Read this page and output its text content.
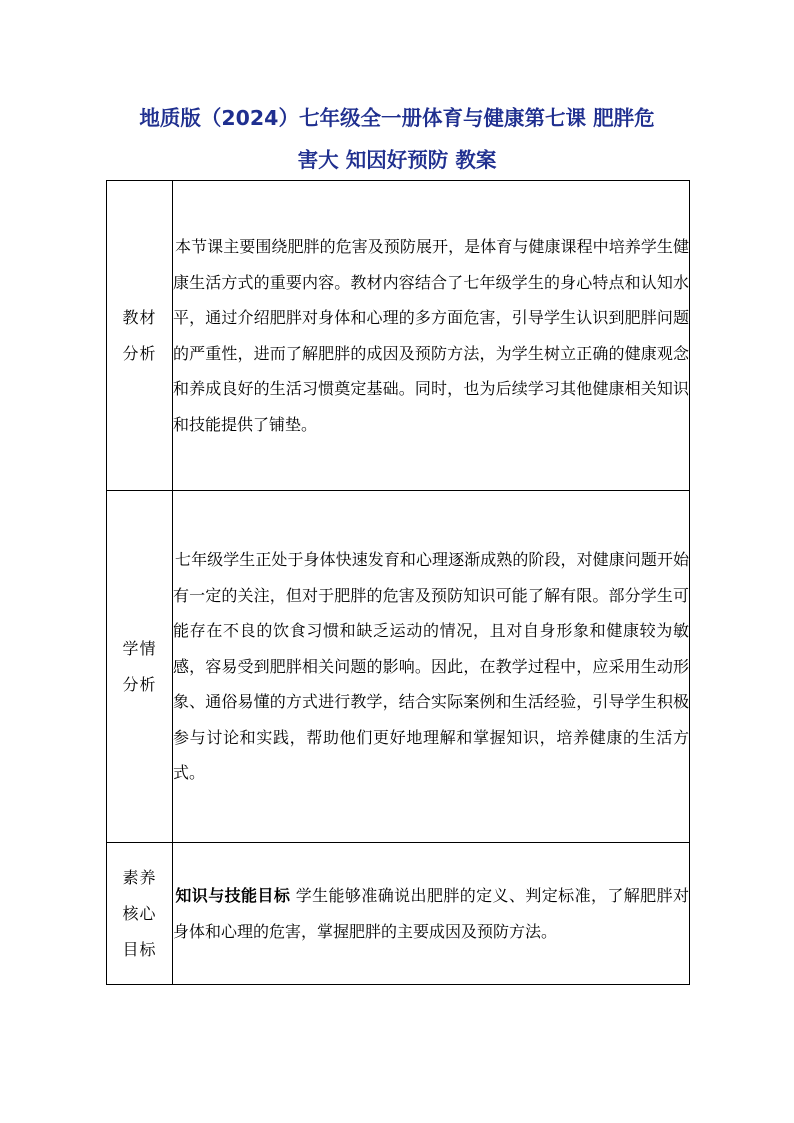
地质版（2024）七年级全一册体育与健康第七课 肥胖危
害大 知因好预防 教案
教材
分析	本节课主要围绕肥胖的危害及预防展开，是体育与健康课程中培养学生健康生活方式的重要内容。教材内容结合了七年级学生的身心特点和认知水平，通过介绍肥胖对身体和心理的多方面危害，引导学生认识到肥胖问题的严重性，进而了解肥胖的成因及预防方法，为学生树立正确的健康观念和养成良好的生活习惯奠定基础。同时，也为后续学习其他健康相关知识和技能提供了铺垫。

学情
分析	七年级学生正处于身体快速发育和心理逐渐成熟的阶段，对健康问题开始有一定的关注，但对于肥胖的危害及预防知识可能了解有限。部分学生可能存在不良的饮食习惯和缺乏运动的情况，且对自身形象和健康较为敏感，容易受到肥胖相关问题的影响。因此，在教学过程中，应采用生动形象、通俗易懂的方式进行教学，结合实际案例和生活经验，引导学生积极参与讨论和实践，帮助他们更好地理解和掌握知识，培养健康的生活方式。

素养
核心
目标	知识与技能目标 学生能够准确说出肥胖的定义、判定标准，了解肥胖对身体和心理的危害，掌握肥胖的主要成因及预防方法。
